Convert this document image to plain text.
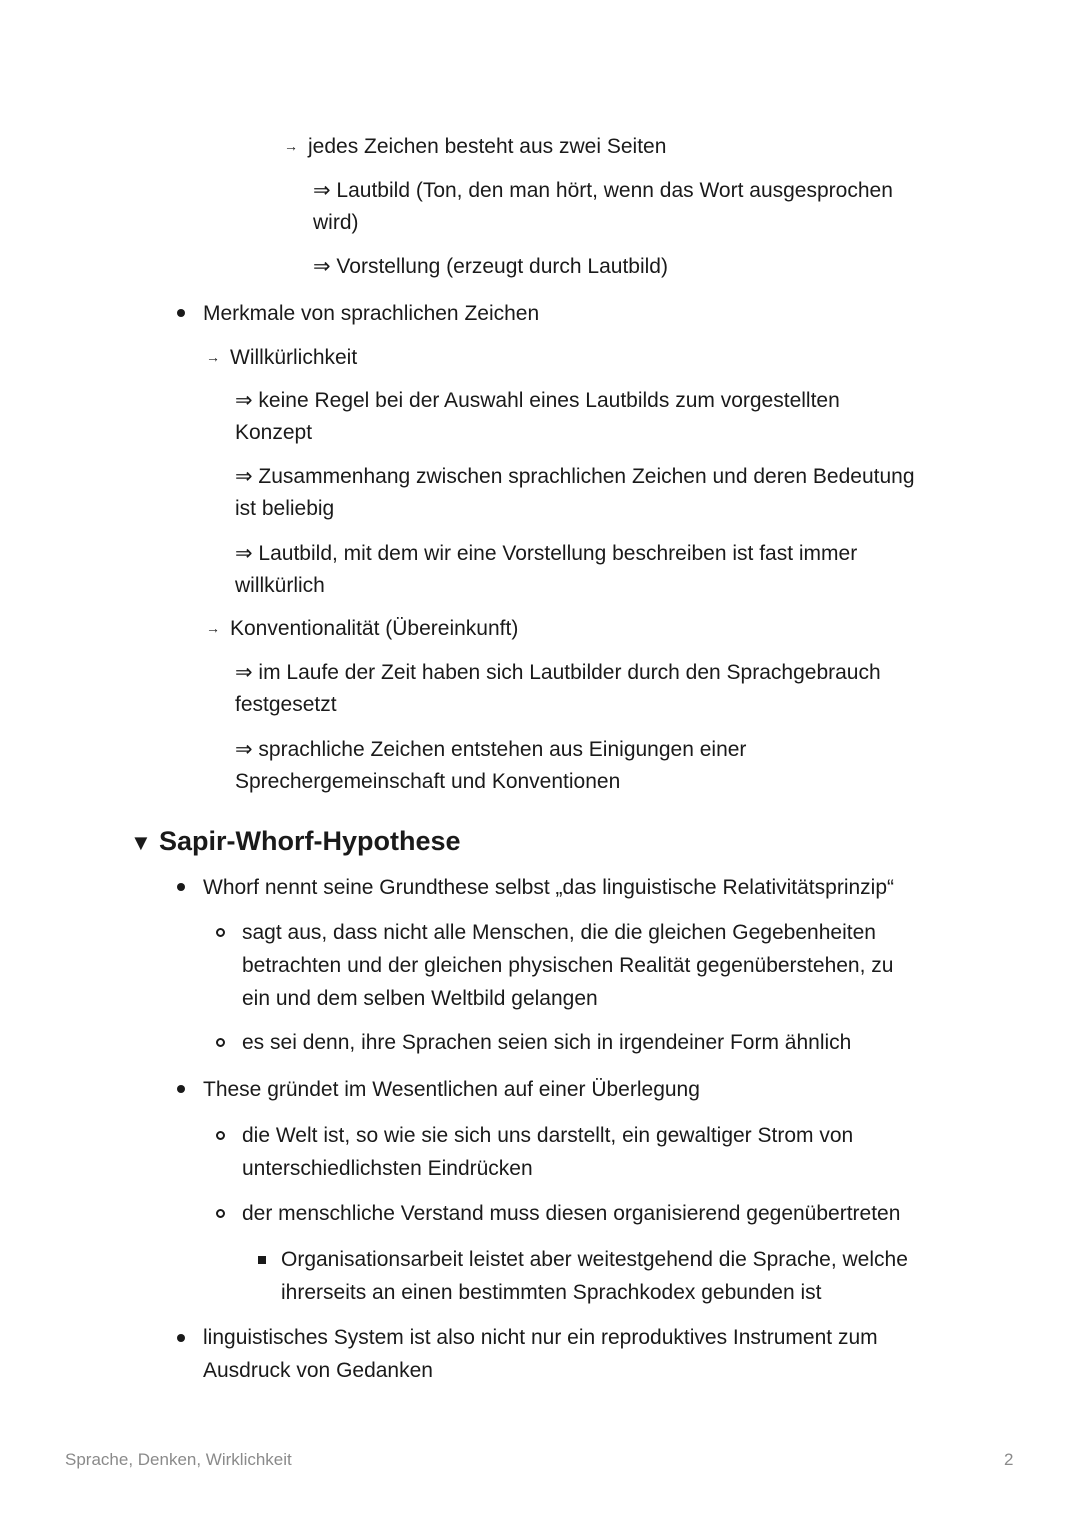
→ jedes Zeichen besteht aus zwei Seiten
⇒ Lautbild (Ton, den man hört, wenn das Wort ausgesprochen
wird)
⇒ Vorstellung (erzeugt durch Lautbild)
Merkmale von sprachlichen Zeichen
→ Willkürlichkeit
⇒ keine Regel bei der Auswahl eines Lautbilds zum vorgestellten
Konzept
⇒ Zusammenhang zwischen sprachlichen Zeichen und deren Bedeutung
ist beliebig
⇒ Lautbild, mit dem wir eine Vorstellung beschreiben ist fast immer
willkürlich
→ Konventionalität (Übereinkunft)
⇒ im Laufe der Zeit haben sich Lautbilder durch den Sprachgebrauch
festgesetzt
⇒ sprachliche Zeichen entstehen aus Einigungen einer
Sprechergemeinschaft und Konventionen
▼ Sapir-Whorf-Hypothese
Whorf nennt seine Grundthese selbst „das linguistische Relativitätsprinzip“
sagt aus, dass nicht alle Menschen, die die gleichen Gegebenheiten
betrachten und der gleichen physischen Realität gegenüberstehen, zu
ein und dem selben Weltbild gelangen
es sei denn, ihre Sprachen seien sich in irgendeiner Form ähnlich
These gründet im Wesentlichen auf einer Überlegung
die Welt ist, so wie sie sich uns darstellt, ein gewaltiger Strom von
unterschiedlichsten Eindrücken
der menschliche Verstand muss diesen organisierend gegenübertreten
Organisationsarbeit leistet aber weitestgehend die Sprache, welche
ihrerseits an einen bestimmten Sprachkodex gebunden ist
linguistisches System ist also nicht nur ein reproduktives Instrument zum
Ausdruck von Gedanken
Sprache, Denken, Wirklichkeit	2
